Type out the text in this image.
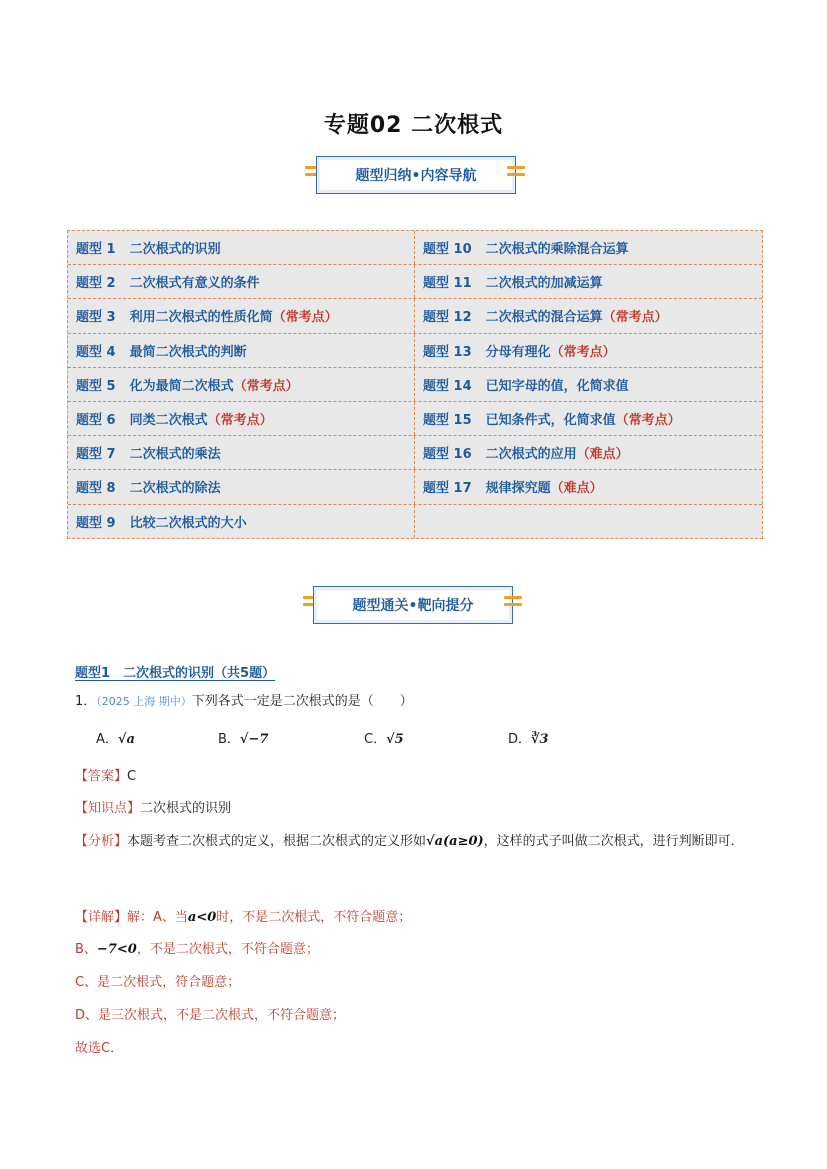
专题02 二次根式
题型归纳•内容导航
题型 1 二次根式的识别	题型 10 二次根式的乘除混合运算
题型 2 二次根式有意义的条件	题型 11 二次根式的加减运算
题型 3 利用二次根式的性质化简 （常考点）	题型 12 二次根式的混合运算 （常考点）
题型 4 最简二次根式的判断	题型 13 分母有理化 （常考点）
题型 5 化为最简二次根式 （常考点）	题型 14 已知字母的值，化简求值
题型 6 同类二次根式 （常考点）	题型 15 已知条件式，化简求值 （常考点）
题型 7 二次根式的乘法	题型 16 二次根式的应用 （难点）
题型 8 二次根式的除法	题型 17 规律探究题 （难点）
题型 9 比较二次根式的大小
题型通关•靶向提分
题型1　二次根式的识别（共5题）
1．（2025 上海 期中）下列各式一定是二次根式的是（　　）
A．√a	B．√−7	C．√5	D．∛3
【答案】C
【知识点】二次根式的识别
【分析】本题考查二次根式的定义，根据二次根式的定义形如√a(a≥0)，这样的式子叫做二次根式，进行判断即可．
【详解】解：A、当a<0时，不是二次根式，不符合题意；
B、−7<0，不是二次根式，不符合题意；
C、是二次根式，符合题意；
D、是三次根式，不是二次根式，不符合题意；
故选C．
